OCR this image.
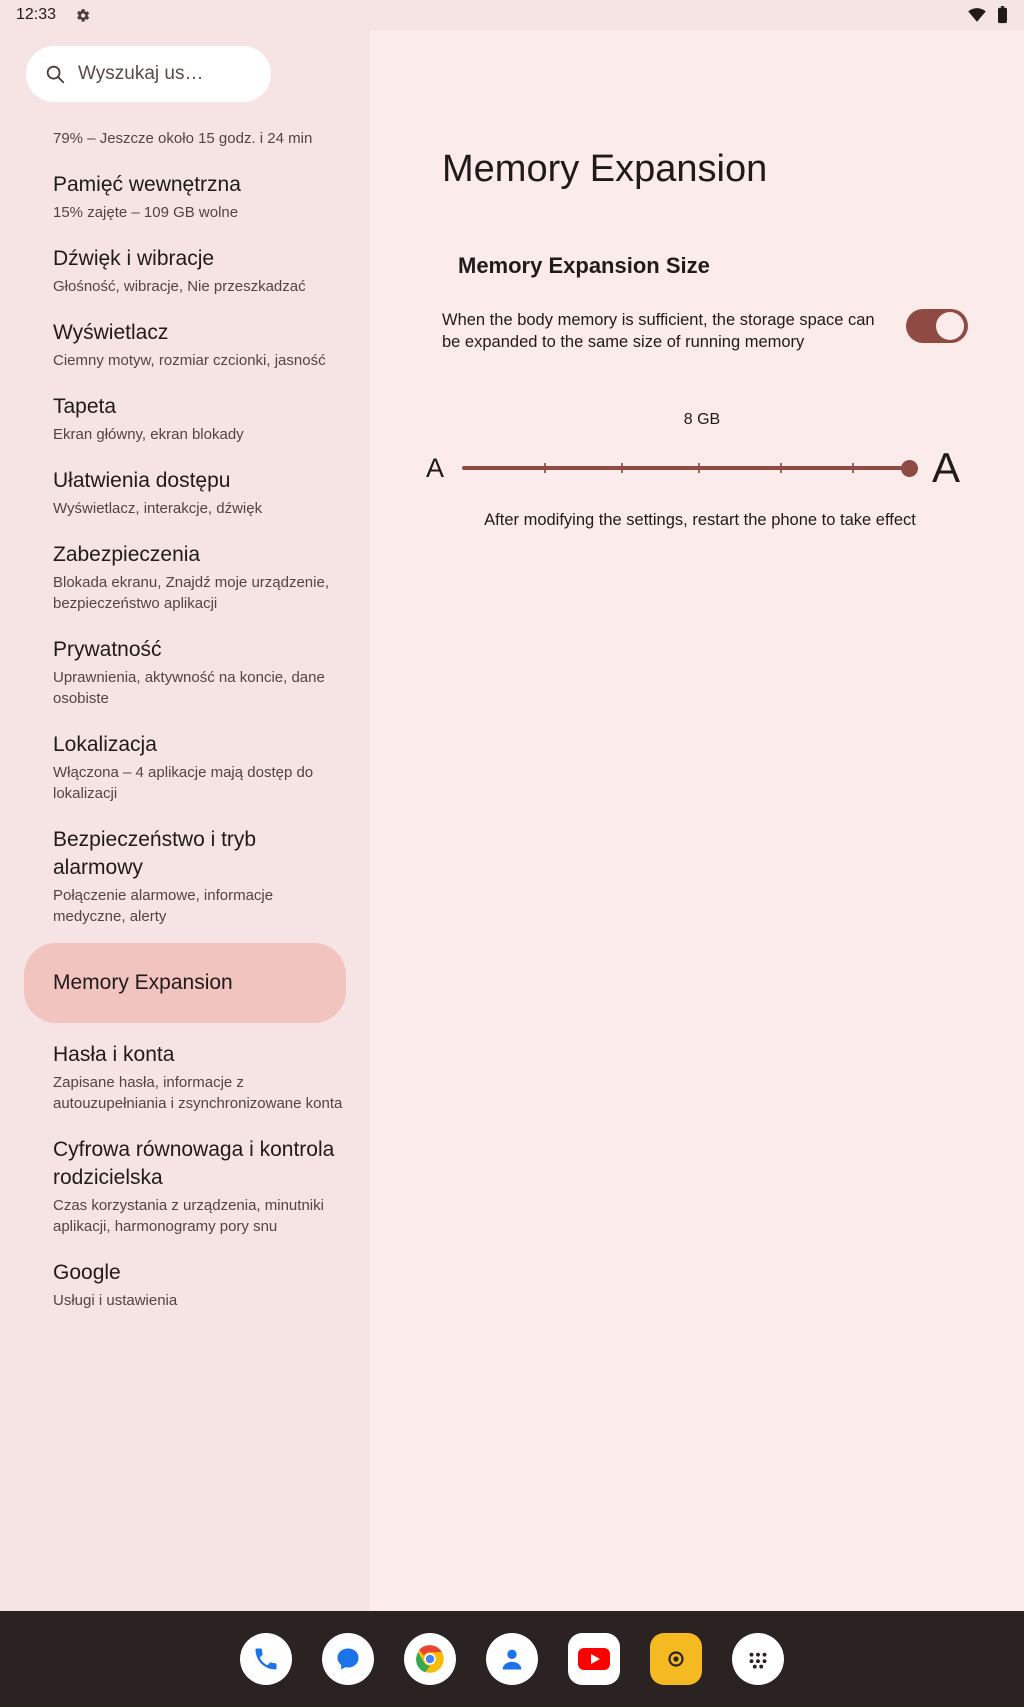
12:33
Wyszukaj us…
79% – Jeszcze około 15 godz. i 24 min
Pamięć wewnętrzna
15% zajęte – 109 GB wolne
Dźwięk i wibracje
Głośność, wibracje, Nie przeszkadzać
Wyświetlacz
Ciemny motyw, rozmiar czcionki, jasność
Tapeta
Ekran główny, ekran blokady
Ułatwienia dostępu
Wyświetlacz, interakcje, dźwięk
Zabezpieczenia
Blokada ekranu, Znajdź moje urządzenie, bezpieczeństwo aplikacji
Prywatność
Uprawnienia, aktywność na koncie, dane osobiste
Lokalizacja
Włączona – 4 aplikacje mają dostęp do lokalizacji
Bezpieczeństwo i tryb alarmowy
Połączenie alarmowe, informacje medyczne, alerty
Memory Expansion
Hasła i konta
Zapisane hasła, informacje z autouzupełniania i zsynchronizowane konta
Cyfrowa równowaga i kontrola rodzicielska
Czas korzystania z urządzenia, minutniki aplikacji, harmonogramy pory snu
Google
Usługi i ustawienia
Memory Expansion
Memory Expansion Size
When the body memory is sufficient, the storage space can be expanded to the same size of running memory
8 GB
A	A
After modifying the settings, restart the phone to take effect
